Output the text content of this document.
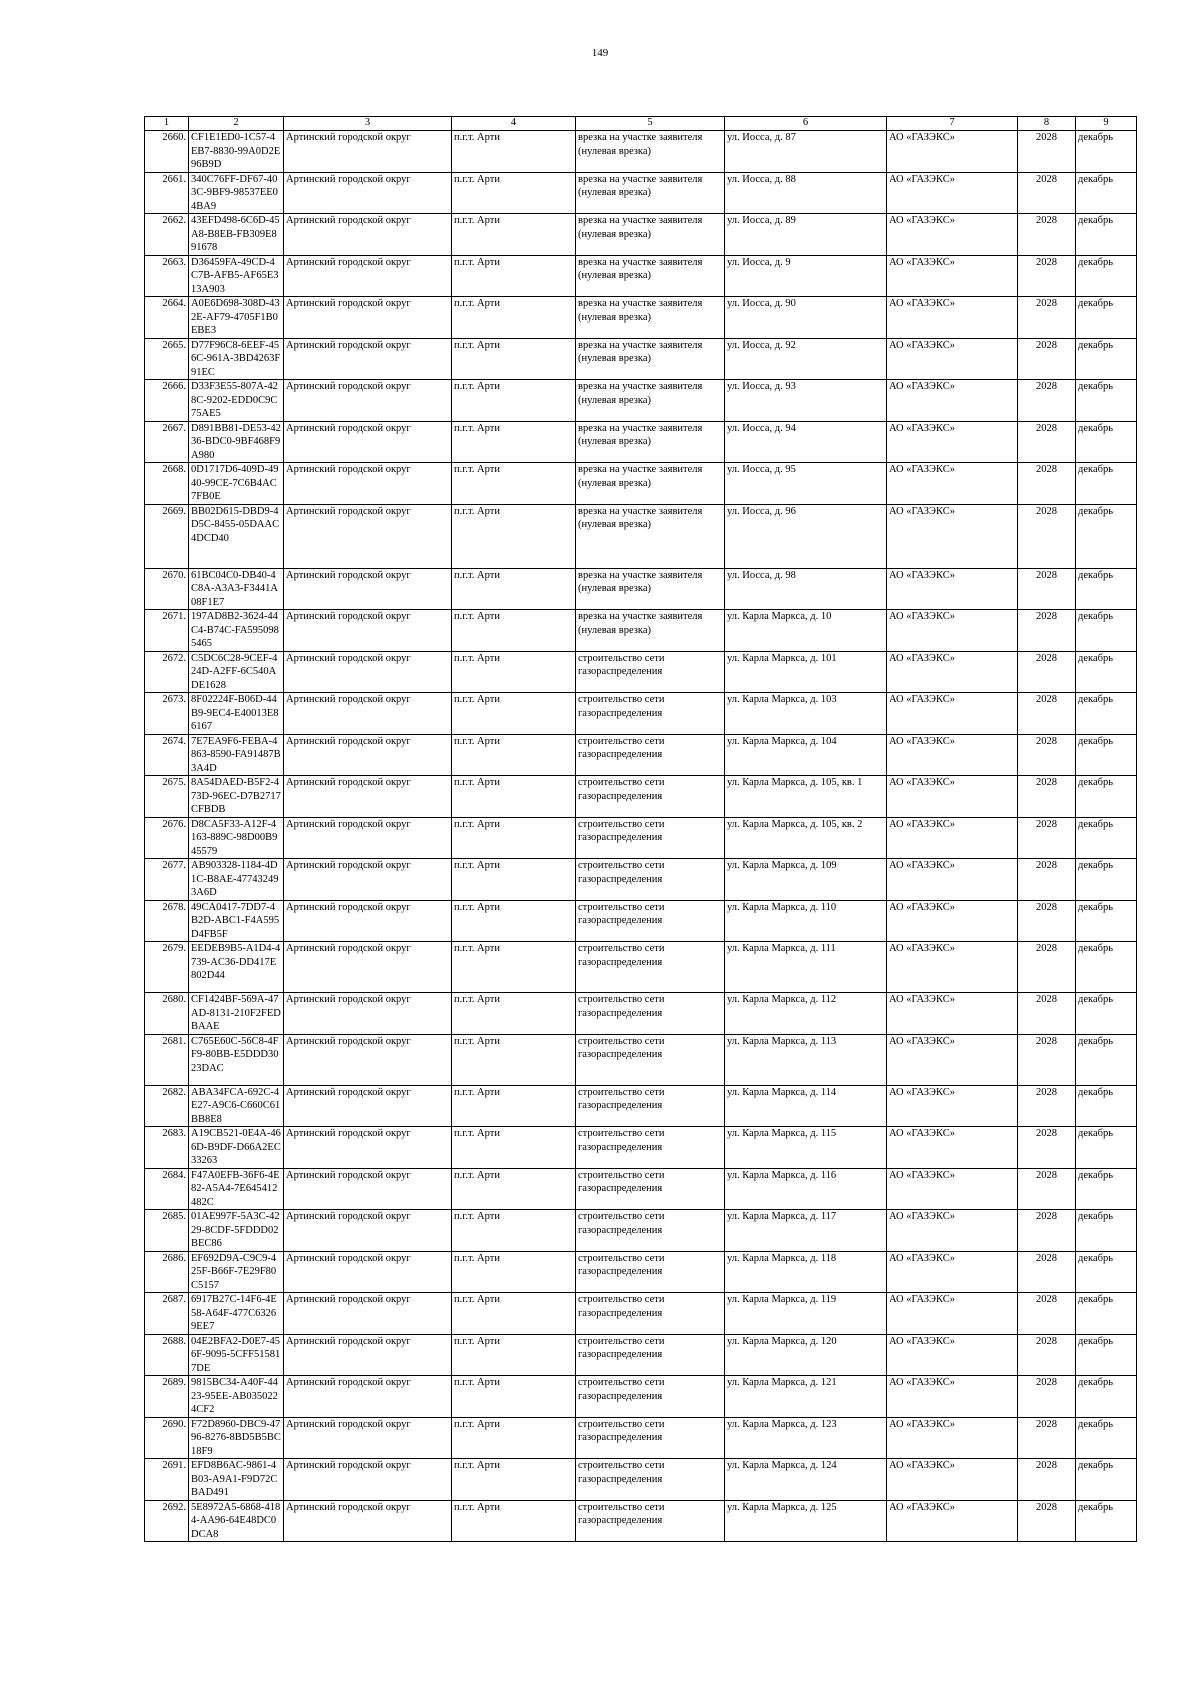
149
1	2	3	4	5	6	7	8	9
2660.	CF1E1ED0-1C57-4EB7-8830-99A0D2E96B9D	Артинский городской округ	п.г.т. Арти	врезка на участке заявителя (нулевая врезка)	ул. Иосса, д. 87	АО «ГАЗЭКС»	2028	декабрь
2661.	340C76FF-DF67-403C-9BF9-98537EE04BA9	Артинский городской округ	п.г.т. Арти	врезка на участке заявителя (нулевая врезка)	ул. Иосса, д. 88	АО «ГАЗЭКС»	2028	декабрь
2662.	43EFD498-6C6D-45A8-B8EB-FB309E891678	Артинский городской округ	п.г.т. Арти	врезка на участке заявителя (нулевая врезка)	ул. Иосса, д. 89	АО «ГАЗЭКС»	2028	декабрь
2663.	D36459FA-49CD-4C7B-AFB5-AF65E313A903	Артинский городской округ	п.г.т. Арти	врезка на участке заявителя (нулевая врезка)	ул. Иосса, д. 9	АО «ГАЗЭКС»	2028	декабрь
2664.	A0E6D698-308D-432E-AF79-4705F1B0EBE3	Артинский городской округ	п.г.т. Арти	врезка на участке заявителя (нулевая врезка)	ул. Иосса, д. 90	АО «ГАЗЭКС»	2028	декабрь
2665.	D77F96C8-6EEF-456C-961A-3BD4263F91EC	Артинский городской округ	п.г.т. Арти	врезка на участке заявителя (нулевая врезка)	ул. Иосса, д. 92	АО «ГАЗЭКС»	2028	декабрь
2666.	D33F3E55-807A-428C-9202-EDD0C9C75AE5	Артинский городской округ	п.г.т. Арти	врезка на участке заявителя (нулевая врезка)	ул. Иосса, д. 93	АО «ГАЗЭКС»	2028	декабрь
2667.	D891BB81-DE53-4236-BDC0-9BF468F9A980	Артинский городской округ	п.г.т. Арти	врезка на участке заявителя (нулевая врезка)	ул. Иосса, д. 94	АО «ГАЗЭКС»	2028	декабрь
2668.	0D1717D6-409D-4940-99CE-7C6B4AC7FB0E	Артинский городской округ	п.г.т. Арти	врезка на участке заявителя (нулевая врезка)	ул. Иосса, д. 95	АО «ГАЗЭКС»	2028	декабрь
2669.	BB02D615-DBD9-4D5C-8455-05DAAC4DCD40	Артинский городской округ	п.г.т. Арти	врезка на участке заявителя (нулевая врезка)	ул. Иосса, д. 96	АО «ГАЗЭКС»	2028	декабрь
2670.	61BC04C0-DB40-4C8A-A3A3-F3441A08F1E7	Артинский городской округ	п.г.т. Арти	врезка на участке заявителя (нулевая врезка)	ул. Иосса, д. 98	АО «ГАЗЭКС»	2028	декабрь
2671.	197AD8B2-3624-44C4-B74C-FA5950985465	Артинский городской округ	п.г.т. Арти	врезка на участке заявителя (нулевая врезка)	ул. Карла Маркса, д. 10	АО «ГАЗЭКС»	2028	декабрь
2672.	C5DC6C28-9CEF-424D-A2FF-6C540ADE1628	Артинский городской округ	п.г.т. Арти	строительство сети газораспределения	ул. Карла Маркса, д. 101	АО «ГАЗЭКС»	2028	декабрь
2673.	8F02224F-B06D-44B9-9EC4-E40013E86167	Артинский городской округ	п.г.т. Арти	строительство сети газораспределения	ул. Карла Маркса, д. 103	АО «ГАЗЭКС»	2028	декабрь
2674.	7E7EA9F6-FEBA-4863-8590-FA91487B3A4D	Артинский городской округ	п.г.т. Арти	строительство сети газораспределения	ул. Карла Маркса, д. 104	АО «ГАЗЭКС»	2028	декабрь
2675.	8A54DAED-B5F2-473D-96EC-D7B2717CFBDB	Артинский городской округ	п.г.т. Арти	строительство сети газораспределения	ул. Карла Маркса, д. 105, кв. 1	АО «ГАЗЭКС»	2028	декабрь
2676.	D8CA5F33-A12F-4163-889C-98D00B945579	Артинский городской округ	п.г.т. Арти	строительство сети газораспределения	ул. Карла Маркса, д. 105, кв. 2	АО «ГАЗЭКС»	2028	декабрь
2677.	AB903328-1184-4D1C-B8AE-477432493A6D	Артинский городской округ	п.г.т. Арти	строительство сети газораспределения	ул. Карла Маркса, д. 109	АО «ГАЗЭКС»	2028	декабрь
2678.	49CA0417-7DD7-4B2D-ABC1-F4A595D4FB5F	Артинский городской округ	п.г.т. Арти	строительство сети газораспределения	ул. Карла Маркса, д. 110	АО «ГАЗЭКС»	2028	декабрь
2679.	EEDEB9B5-A1D4-4739-AC36-DD417E802D44	Артинский городской округ	п.г.т. Арти	строительство сети газораспределения	ул. Карла Маркса, д. 111	АО «ГАЗЭКС»	2028	декабрь
2680.	CF1424BF-569A-47AD-8131-210F2FEDBAAE	Артинский городской округ	п.г.т. Арти	строительство сети газораспределения	ул. Карла Маркса, д. 112	АО «ГАЗЭКС»	2028	декабрь
2681.	C765E60C-56C8-4FF9-80BB-E5DDD3023DAC	Артинский городской округ	п.г.т. Арти	строительство сети газораспределения	ул. Карла Маркса, д. 113	АО «ГАЗЭКС»	2028	декабрь
2682.	ABA34FCA-692C-4E27-A9C6-C660C61BB8E8	Артинский городской округ	п.г.т. Арти	строительство сети газораспределения	ул. Карла Маркса, д. 114	АО «ГАЗЭКС»	2028	декабрь
2683.	A19CB521-0E4A-466D-B9DF-D66A2EC33263	Артинский городской округ	п.г.т. Арти	строительство сети газораспределения	ул. Карла Маркса, д. 115	АО «ГАЗЭКС»	2028	декабрь
2684.	F47A0EFB-36F6-4E82-A5A4-7E645412482C	Артинский городской округ	п.г.т. Арти	строительство сети газораспределения	ул. Карла Маркса, д. 116	АО «ГАЗЭКС»	2028	декабрь
2685.	01AE997F-5A3C-4229-8CDF-5FDDD02BEC86	Артинский городской округ	п.г.т. Арти	строительство сети газораспределения	ул. Карла Маркса, д. 117	АО «ГАЗЭКС»	2028	декабрь
2686.	EF692D9A-C9C9-425F-B66F-7E29F80C5157	Артинский городской округ	п.г.т. Арти	строительство сети газораспределения	ул. Карла Маркса, д. 118	АО «ГАЗЭКС»	2028	декабрь
2687.	6917B27C-14F6-4E58-A64F-477C63269EE7	Артинский городской округ	п.г.т. Арти	строительство сети газораспределения	ул. Карла Маркса, д. 119	АО «ГАЗЭКС»	2028	декабрь
2688.	04E2BFA2-D0E7-456F-9095-5CFF515817DE	Артинский городской округ	п.г.т. Арти	строительство сети газораспределения	ул. Карла Маркса, д. 120	АО «ГАЗЭКС»	2028	декабрь
2689.	9815BC34-A40F-4423-95EE-AB0350224CF2	Артинский городской округ	п.г.т. Арти	строительство сети газораспределения	ул. Карла Маркса, д. 121	АО «ГАЗЭКС»	2028	декабрь
2690.	F72D8960-DBC9-4796-8276-8BD5B5BC18F9	Артинский городской округ	п.г.т. Арти	строительство сети газораспределения	ул. Карла Маркса, д. 123	АО «ГАЗЭКС»	2028	декабрь
2691.	EFD8B6AC-9861-4B03-A9A1-F9D72CBAD491	Артинский городской округ	п.г.т. Арти	строительство сети газораспределения	ул. Карла Маркса, д. 124	АО «ГАЗЭКС»	2028	декабрь
2692.	5E8972A5-6868-4184-AA96-64E48DC0DCA8	Артинский городской округ	п.г.т. Арти	строительство сети газораспределения	ул. Карла Маркса, д. 125	АО «ГАЗЭКС»	2028	декабрь
